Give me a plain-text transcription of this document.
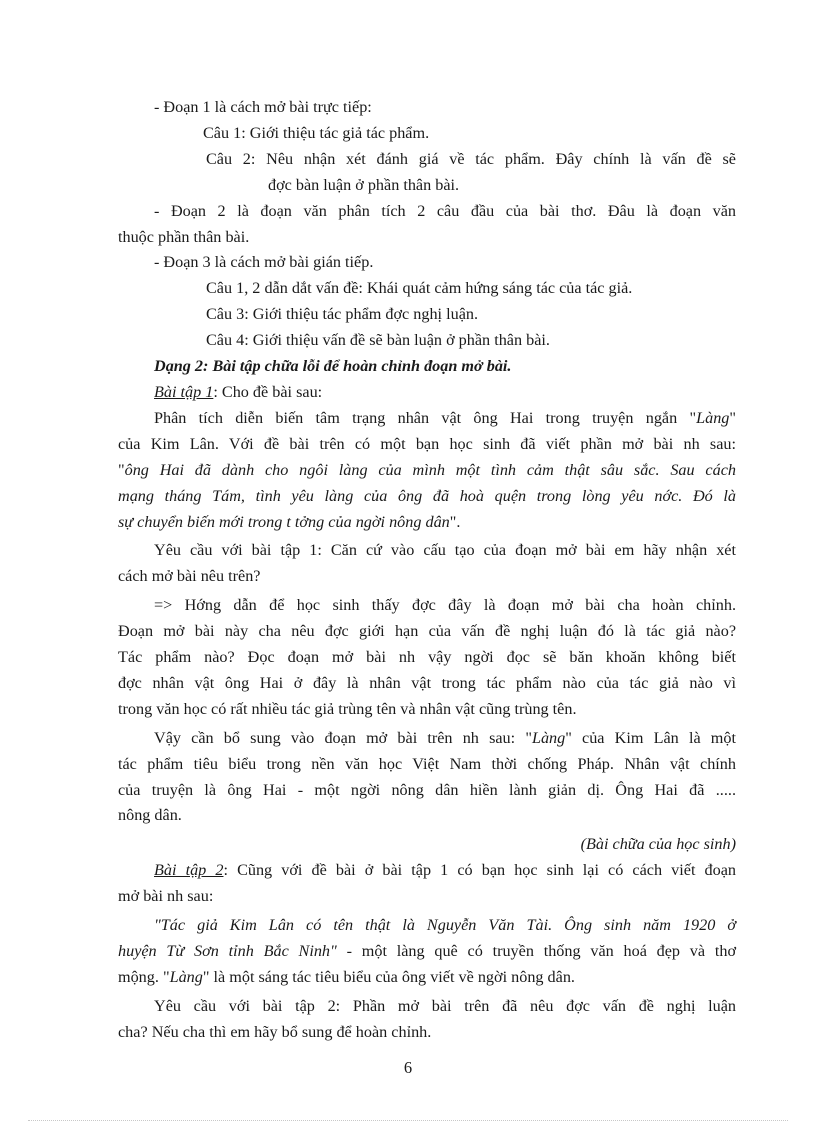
- Đoạn 1 là cách mở bài trực tiếp:
Câu 1: Giới thiệu tác giả tác phẩm.
Câu 2: Nêu nhận xét đánh giá về tác phẩm. Đây chính là vấn đề sẽ
đợc bàn luận ở phần thân bài.
- Đoạn 2 là đoạn văn phân tích 2 câu đầu của bài thơ. Đâu là đoạn văn
thuộc phần thân bài.
- Đoạn 3 là cách mở bài gián tiếp.
Câu 1, 2 dẫn dắt vấn đề: Khái quát cảm hứng sáng tác của tác giả.
Câu 3: Giới thiệu tác phẩm đợc nghị luận.
Câu 4: Giới thiệu vấn đề sẽ bàn luận ở phần thân bài.
Dạng 2: Bài tập chữa lỗi để hoàn chỉnh đoạn mở bài.
Bài tập 1: Cho đề bài sau:
Phân tích diễn biến tâm trạng nhân vật ông Hai trong truyện ngắn "Làng"
của Kim Lân. Với đề bài trên có một bạn học sinh đã viết phần mở bài nh sau:
"ông Hai đã dành cho ngôi làng của mình một tình cảm thật sâu sắc. Sau cách
mạng tháng Tám, tình yêu làng của ông đã hoà quện trong lòng yêu nớc. Đó là
sự chuyển biến mới trong t tởng của ngời nông dân".
Yêu cầu với bài tập 1: Căn cứ vào cấu tạo của đoạn mở bài em hãy nhận xét
cách mở bài nêu trên?
=> Hớng dẫn để học sinh thấy đợc đây là đoạn mở bài cha hoàn chỉnh.
Đoạn mở bài này cha nêu đợc giới hạn của vấn đề nghị luận đó là tác giả nào?
Tác phẩm nào? Đọc đoạn mở bài nh vậy ngời đọc sẽ băn khoăn không biết
đợc nhân vật ông Hai ở đây là nhân vật trong tác phẩm nào của tác giả nào vì
trong văn học có rất nhiều tác giả trùng tên và nhân vật cũng trùng tên.
Vậy cần bổ sung vào đoạn mở bài trên nh sau: "Làng" của Kim Lân là một
tác phẩm tiêu biểu trong nền văn học Việt Nam thời chống Pháp. Nhân vật chính
của truyện là ông Hai - một ngời nông dân hiền lành giản dị. Ông Hai đã .....
nông dân.
(Bài chữa của học sinh)
Bài tập 2: Cũng với đề bài ở bài tập 1 có bạn học sinh lại có cách viết đoạn
mở bài nh sau:
"Tác giả Kim Lân có tên thật là Nguyễn Văn Tài. Ông sinh năm 1920 ở
huyện Từ Sơn tỉnh Bắc Ninh" - một làng quê có truyền thống văn hoá đẹp và thơ
mộng. "Làng" là một sáng tác tiêu biểu của ông viết về ngời nông dân.
Yêu cầu với bài tập 2: Phần mở bài trên đã nêu đợc vấn đề nghị luận
cha? Nếu cha thì em hãy bổ sung để hoàn chỉnh.
6
